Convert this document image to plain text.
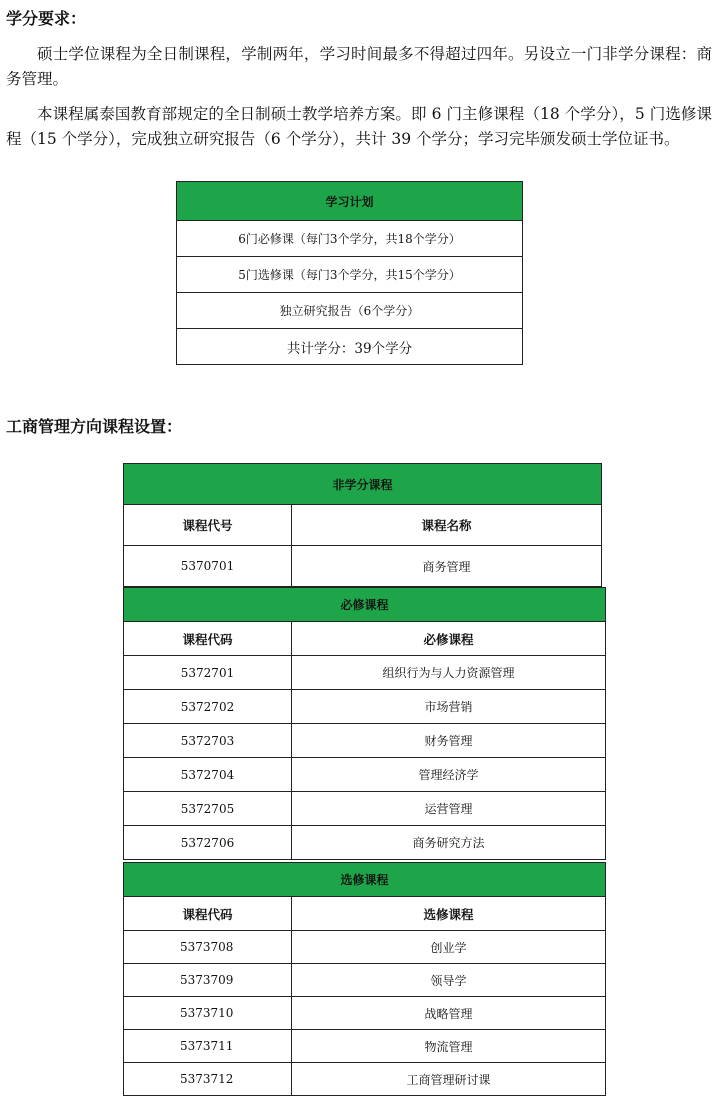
学分要求：

硕士学位课程为全日制课程，学制两年，学习时间最多不得超过四年。另设立一门非学分课程：商务管理。

本课程属泰国教育部规定的全日制硕士教学培养方案。即 6 门主修课程（18 个学分），5 门选修课程（15 个学分），完成独立研究报告（6 个学分），共计 39 个学分；学习完毕颁发硕士学位证书。

学习计划
6门必修课（每门3个学分，共18个学分）
5门选修课（每门3个学分，共15个学分）
独立研究报告（6个学分）
共计学分：39个学分
工商管理方向课程设置：
非学分课程	
课程代号	课程名称
5370701	商务管理
必修课程	
课程代码	必修课程
5372701	组织行为与人力资源管理
5372702	市场营销
5372703	财务管理
5372704	管理经济学
5372705	运营管理
5372706	商务研究方法
选修课程	
课程代码	选修课程
5373708	创业学
5373709	领导学
5373710	战略管理
5373711	物流管理
5373712	工商管理研讨课
